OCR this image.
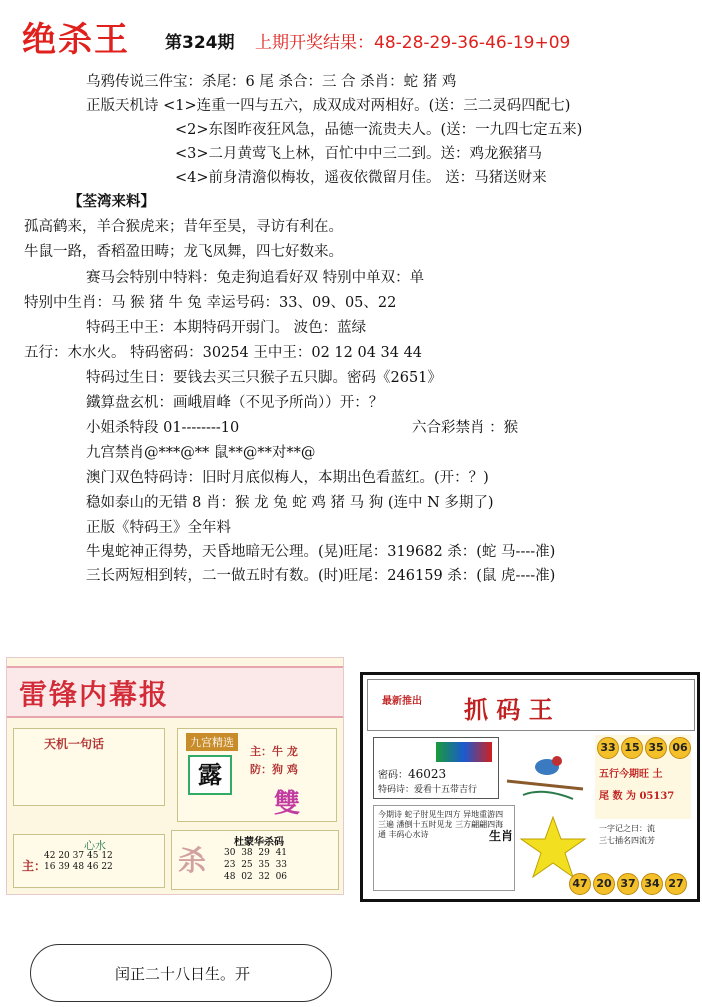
绝杀王 第324期 上期开奖结果：48-28-29-36-46-19+09
乌鸦传说三件宝：杀尾：6 尾 杀合：三 合 杀肖：蛇 猪 鸡
正版天机诗 <1>连重一四与五六，成双成对两相好。(送：三二灵码四配七)
<2>东图昨夜狂风急，品德一流贵夫人。(送：一九四七定五来)
<3>二月黄莺飞上林，百忙中中三二到。送：鸡龙猴猪马
<4>前身清澹似梅妆，遥夜依微留月佳。 送：马猪送财来
【荃湾来料】
孤高鹤来，羊合猴虎来；昔年至昊，寻访有利在。
牛鼠一路，香稻盈田畴；龙飞凤舞，四七好数来。
赛马会特别中特料：兔走狗追看好双 特别中单双：单
特别中生肖：马 猴 猪 牛 兔 幸运号码：33、09、05、22
特码王中王：本期特码开弱门。 波色：蓝绿
五行：木水火。 特码密码：30254 王中王：02 12 04 34 44
特码过生日：要钱去买三只猴子五只脚。密码《2651》
鐵算盘玄机：画峨眉峰（不见予所尚））开：？
小姐杀特段 01--------10	六合彩禁肖 ：猴
九宫禁肖@***@** 鼠**@**对**@
澳门双色特码诗：旧时月底似梅人，本期出色看蓝红。(开：？)
稳如泰山的无错 8 肖：猴 龙 兔 蛇 鸡 猪 马 狗 (连中 N 多期了)
正版《特码王》全年料
牛鬼蛇神正得势，天昏地暗无公理。(晃)旺尾：319682 杀：(蛇 马----准)
三长两短相到转，二一做五时有数。(时)旺尾：246159 杀：(鼠 虎----准)
雷锋内幕报
天机一句话	九宫精选
露
主：牛 龙
防：狗 鸡
雙
心水
主：
42 20 37 45 12
16 39 48 46 22 杀
杜蒙华杀码
30 38 29 41
23 25 35 33
48 02 32 06
最新推出 抓 码 王
密码：46023
特码诗：爱看十五带吉行
33 15 35 06
五行今期旺 土
尾 数 为 05137
今期诗 蛇子肘见生四方 异地重游四三遍 潘倒十五时见龙 三方翩翩四海通 丰码心水诗	生肖
一字记之曰：流
三七插名四流芳
47 20 37 34 27
闰正二十八日生。开
